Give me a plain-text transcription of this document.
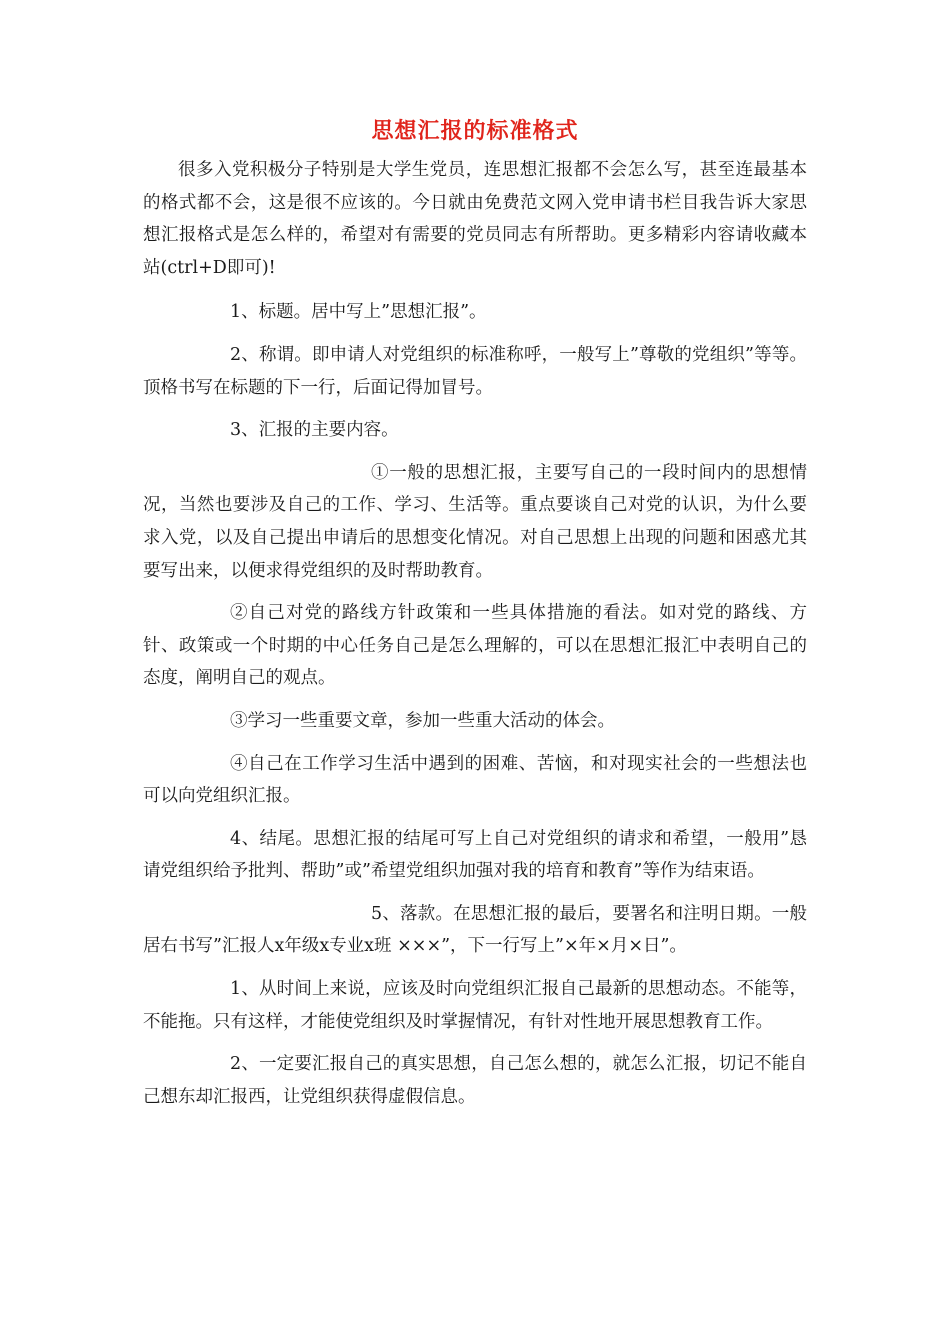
思想汇报的标准格式

很多入党积极分子特别是大学生党员，连思想汇报都不会怎么写，甚至连最基本的格式都不会，这是很不应该的。今日就由免费范文网入党申请书栏目我告诉大家思想汇报格式是怎么样的，希望对有需要的党员同志有所帮助。更多精彩内容请收藏本站(ctrl+D即可)!

1、标题。居中写上”思想汇报”。

2、称谓。即申请人对党组织的标准称呼，一般写上”尊敬的党组织”等等。顶格书写在标题的下一行，后面记得加冒号。

3、汇报的主要内容。

①一般的思想汇报，主要写自己的一段时间内的思想情况，当然也要涉及自己的工作、学习、生活等。重点要谈自己对党的认识，为什么要求入党，以及自己提出申请后的思想变化情况。对自己思想上出现的问题和困惑尤其要写出来，以便求得党组织的及时帮助教育。

②自己对党的路线方针政策和一些具体措施的看法。如对党的路线、方针、政策或一个时期的中心任务自己是怎么理解的，可以在思想汇报汇中表明自己的态度，阐明自己的观点。

③学习一些重要文章，参加一些重大活动的体会。

④自己在工作学习生活中遇到的困难、苦恼，和对现实社会的一些想法也可以向党组织汇报。

4、结尾。思想汇报的结尾可写上自己对党组织的请求和希望，一般用”恳请党组织给予批判、帮助”或”希望党组织加强对我的培育和教育”等作为结束语。

5、落款。在思想汇报的最后，要署名和注明日期。一般居右书写”汇报人x年级x专业x班 ×××”，下一行写上”×年×月×日”。

1、从时间上来说，应该及时向党组织汇报自己最新的思想动态。不能等，不能拖。只有这样，才能使党组织及时掌握情况，有针对性地开展思想教育工作。

2、一定要汇报自己的真实思想，自己怎么想的，就怎么汇报，切记不能自己想东却汇报西，让党组织获得虚假信息。
